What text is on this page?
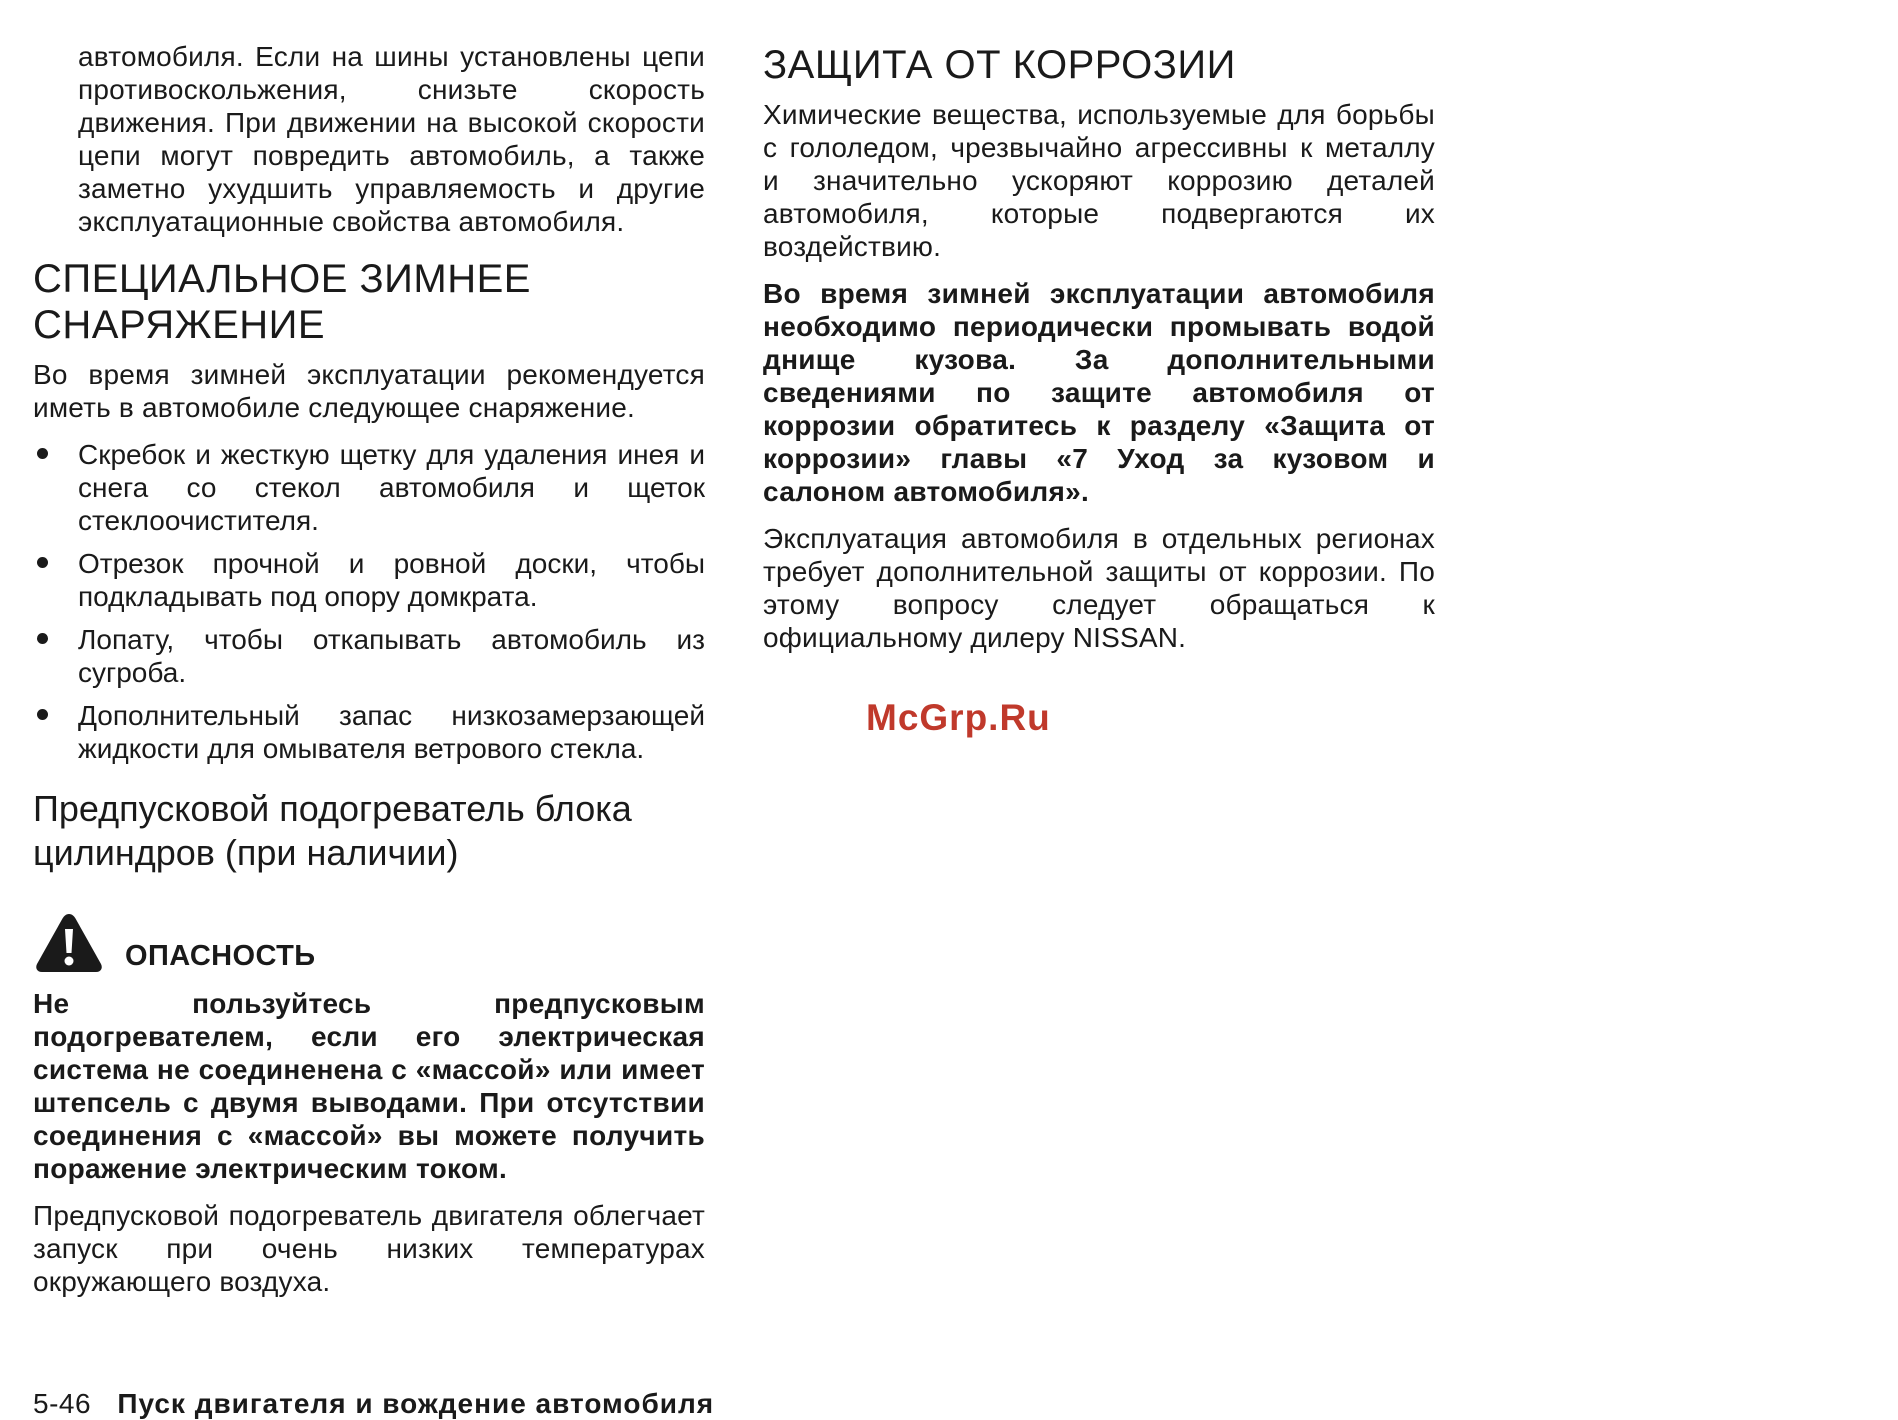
автомобиля. Если на шины установлены цепи противоскольжения, снизьте скорость движения. При движении на высокой скорости цепи могут повредить автомобиль, а также заметно ухудшить управляемость и другие эксплуатационные свойства автомобиля.

СПЕЦИАЛЬНОЕ ЗИМНЕЕ
СНАРЯЖЕНИЕ

Во время зимней эксплуатации рекомендуется иметь в автомобиле следующее снаряжение.

Скребок и жесткую щетку для удаления инея и снега со стекол автомобиля и щеток стеклоочистителя.
Отрезок прочной и ровной доски, чтобы подкладывать под опору домкрата.
Лопату, чтобы откапывать автомобиль из сугроба.
Дополнительный запас низкозамерзающей жидкости для омывателя ветрового стекла.
Предпусковой подогреватель блока
цилиндров (при наличии)
ОПАСНОСТЬ

Не пользуйтесь предпусковым подогревателем, если его электрическая система не соединенена с «массой» или имеет штепсель с двумя выводами. При отсутствии соединения с «массой» вы можете получить поражение электрическим током.

Предпусковой подогреватель двигателя облегчает запуск при очень низких температурах окружающего воздуха.

ЗАЩИТА ОТ КОРРОЗИИ

Химические вещества, используемые для борьбы с гололедом, чрезвычайно агрессивны к металлу и значительно ускоряют коррозию деталей автомобиля, которые подвергаются их воздействию.

Во время зимней эксплуатации автомобиля необходимо периодически промывать водой днище кузова. За дополнительными сведениями по защите автомобиля от коррозии обратитесь к разделу «Защита от коррозии» главы «7 Уход за кузовом и салоном автомобиля».

Эксплуатация автомобиля в отдельных регионах требует дополнительной защиты от коррозии. По этому вопросу следует обращаться к официальному дилеру NISSAN.

McGrp.Ru
5-46 Пуск двигателя и вождение автомобиля
